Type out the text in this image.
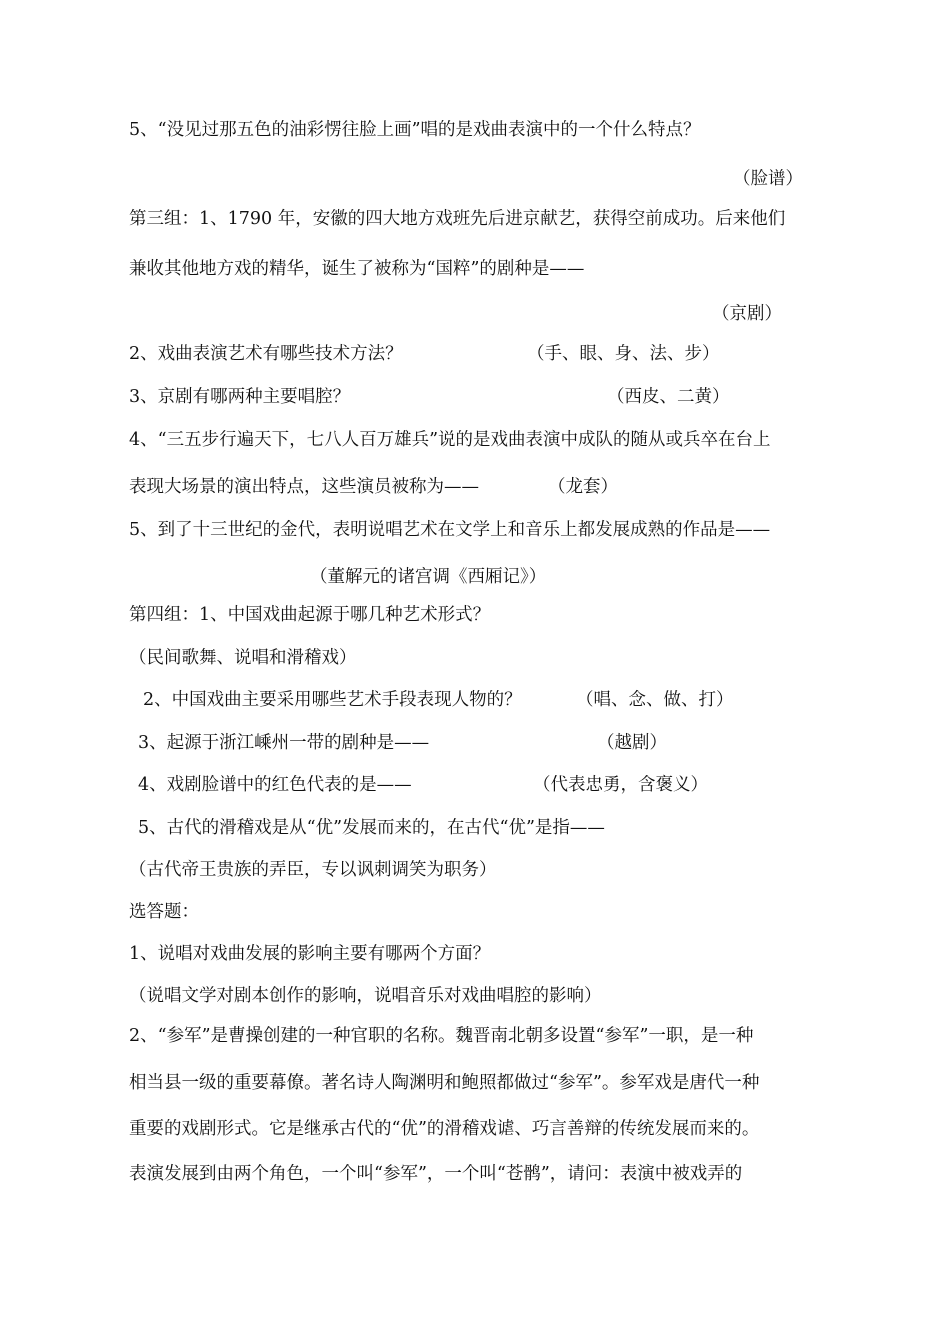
5、“没见过那五色的油彩愣往脸上画”唱的是戏曲表演中的一个什么特点？
（脸谱）
第三组：1、1790 年，安徽的四大地方戏班先后进京献艺，获得空前成功。后来他们
兼收其他地方戏的精华，诞生了被称为“国粹”的剧种是——
（京剧）
2、戏曲表演艺术有哪些技术方法？	（手、眼、身、法、步）
3、京剧有哪两种主要唱腔？	（西皮、二黄）
4、“三五步行遍天下，七八人百万雄兵”说的是戏曲表演中成队的随从或兵卒在台上
表现大场景的演出特点，这些演员被称为——	（龙套）
5、到了十三世纪的金代，表明说唱艺术在文学上和音乐上都发展成熟的作品是——
（董解元的诸宫调《西厢记》）
第四组：1、中国戏曲起源于哪几种艺术形式？
（民间歌舞、说唱和滑稽戏）
2、中国戏曲主要采用哪些艺术手段表现人物的？	（唱、念、做、打）
3、起源于浙江嵊州一带的剧种是——	（越剧）
4、戏剧脸谱中的红色代表的是——	（代表忠勇，含褒义）
5、古代的滑稽戏是从“优”发展而来的，在古代“优”是指——
（古代帝王贵族的弄臣，专以讽刺调笑为职务）
选答题：
1、说唱对戏曲发展的影响主要有哪两个方面？
（说唱文学对剧本创作的影响，说唱音乐对戏曲唱腔的影响）
2、“参军”是曹操创建的一种官职的名称。魏晋南北朝多设置“参军”一职，是一种
相当县一级的重要幕僚。著名诗人陶渊明和鲍照都做过“参军”。参军戏是唐代一种
重要的戏剧形式。它是继承古代的“优”的滑稽戏谑、巧言善辩的传统发展而来的。
表演发展到由两个角色，一个叫“参军”，一个叫“苍鹘”，请问：表演中被戏弄的
